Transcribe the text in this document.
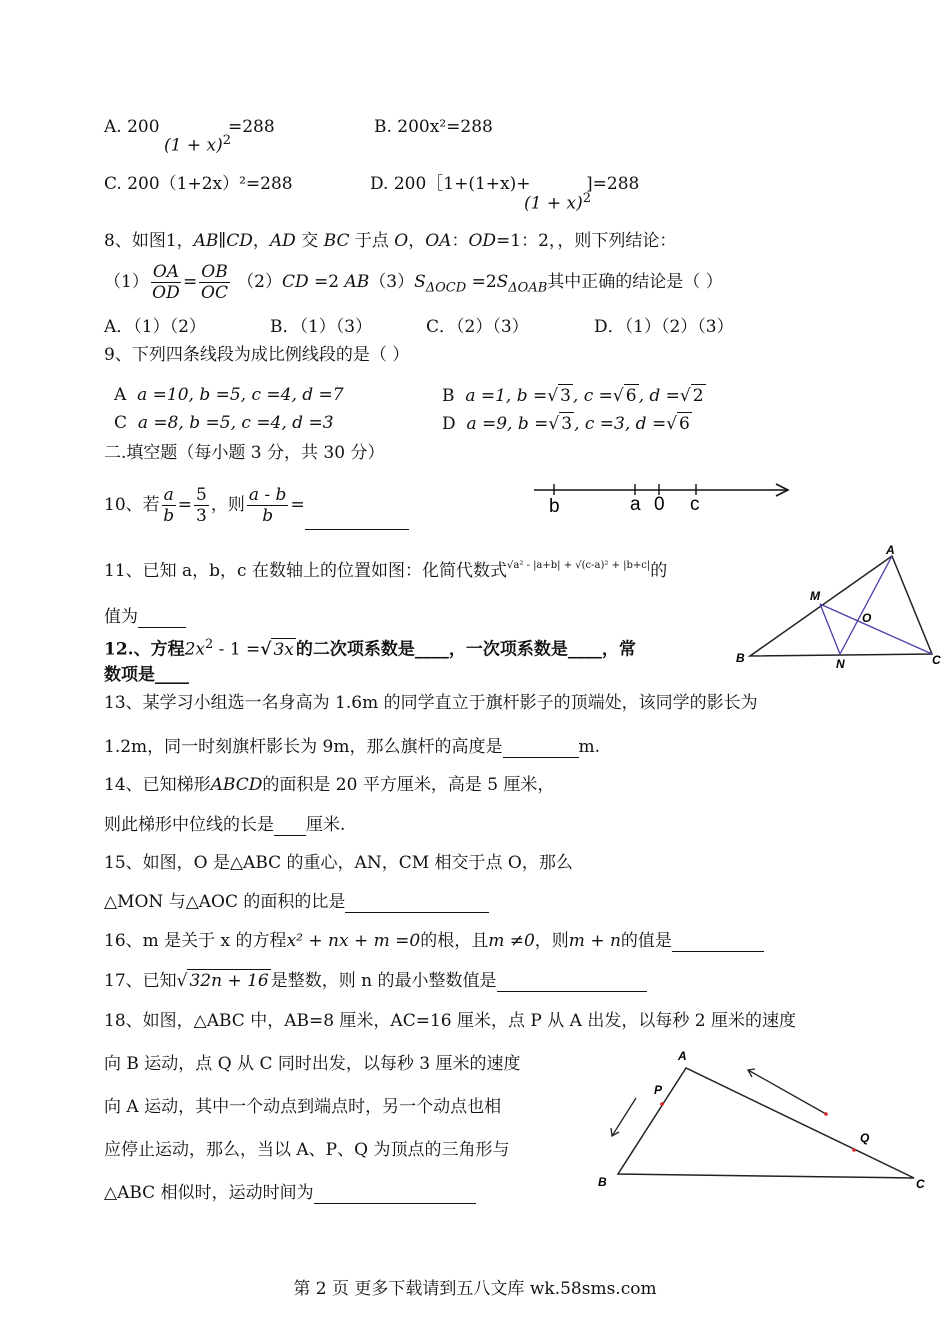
A. 200
$(1 + x)^2$
=288	B. 200x²=288
C. 200（1+2x）²=288	D. 200［1+(1+x)+
$(1 + x)^2$
]=288
8、如图1，AB∥CD，AD 交 BC 于点 O，OA：OD=1：2，，则下列结论：
$(1) \frac{OA}{OD} = \frac{OB}{OC} (2)CD =2$ $AB(3)S_{\Delta OCD} =2S_{\Delta OAB}$其中正确的结论是（ ）
A．（1）（2）	B．（1）（3）	C．（2）（3）	D．（1）（2）（3）
9、下列四条线段为成比例线段的是（ ）
A a =10, b =5, c =4, d =7	B a =1, b =√ 3 , c =√ 6 , d =√ 2
C a =8, b =5, c =4, d =3	D a =9, b =√ 3 , c =3, d =√ 6
二.填空题（每小题 3 分，共 30 分）
10、若 $\frac{a}{b} = \frac{5}{3}$ ，则 $\frac{a - b}{b}$ =	b	a 0 c
11、已知 a，b，c 在数轴上的位置如图：化简代数式$^{√a^2 - |a+b| + √(c-a)^2 + |b+c|}$的
值为
12.、方程$2x^2 - 1$ =√ 3x 的二次项系数是____，一次项系数是____，常
数项是____
A
M
O
B	N	C
13、某学习小组选一名身高为 1.6m 的同学直立于旗杆影子的顶端处，该同学的影长为
1.2m，同一时刻旗杆影长为 9m，那么旗杆的高度是	m.
14、已知梯形ABCD的面积是 20 平方厘米，高是 5 厘米，
则此梯形中位线的长是 厘米.
15、如图，O 是△ABC 的重心，AN，CM 相交于点 O，那么
△MON 与△AOC 的面积的比是
16、m 是关于 x 的方程x² + nx + m =0的根，且m ≠0，则m + n的值是
17、已知√ 32n + 16 是整数，则 n 的最小整数值是
18、如图，△ABC 中，AB=8 厘米，AC=16 厘米，点 P 从 A 出发，以每秒 2 厘米的速度
向 B 运动，点 Q 从 C 同时出发，以每秒 3 厘米的速度
向 A 运动，其中一个动点到端点时，另一个动点也相
应停止运动，那么，当以 A、P、Q 为顶点的三角形与
△ABC 相似时，运动时间为
A
P
Q
B	C
第 2 页 更多下载请到五八文库 wk.58sms.com
